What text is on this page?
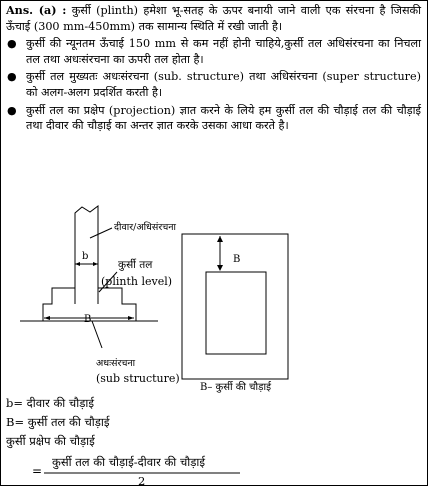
Ans. (a) : कुर्सी (plinth) हमेशा भू-सतह के ऊपर बनायी जाने वाली एक संरचना है जिसकी ऊँचाई (300 mm-450mm) तक सामान्य स्थिति में रखी जाती है।
● कुर्सी की न्यूनतम ऊँचाई 150 mm से कम नहीं होनी चाहिये,कुर्सी तल अधिसंरचना का निचला तल तथा अधःसंरचना का ऊपरी तल होता है।
● कुर्सी तल मुख्यतः अधःसंरचना (sub. structure) तथा अधिसंरचना (super structure) को अलग-अलग प्रदर्शित करती है।
● कुर्सी तल का प्रक्षेप (projection) ज्ञात करने के लिये हम कुर्सी तल की चौड़ाई तल की चौड़ाई तथा दीवार की चौड़ाई का अन्तर ज्ञात करके उसका आधा करते है।
दीवार/अधिसंरचना
b
कुर्सी तल
(plinth level)
B
अधःसंरचना
(sub structure)
B
B– कुर्सी की चौड़ाई
b= दीवार की चौड़ाई
B= कुर्सी तल की चौड़ाई
कुर्सी प्रक्षेप की चौड़ाई
=
कुर्सी तल की चौड़ाई-दीवार की चौड़ाई
2
